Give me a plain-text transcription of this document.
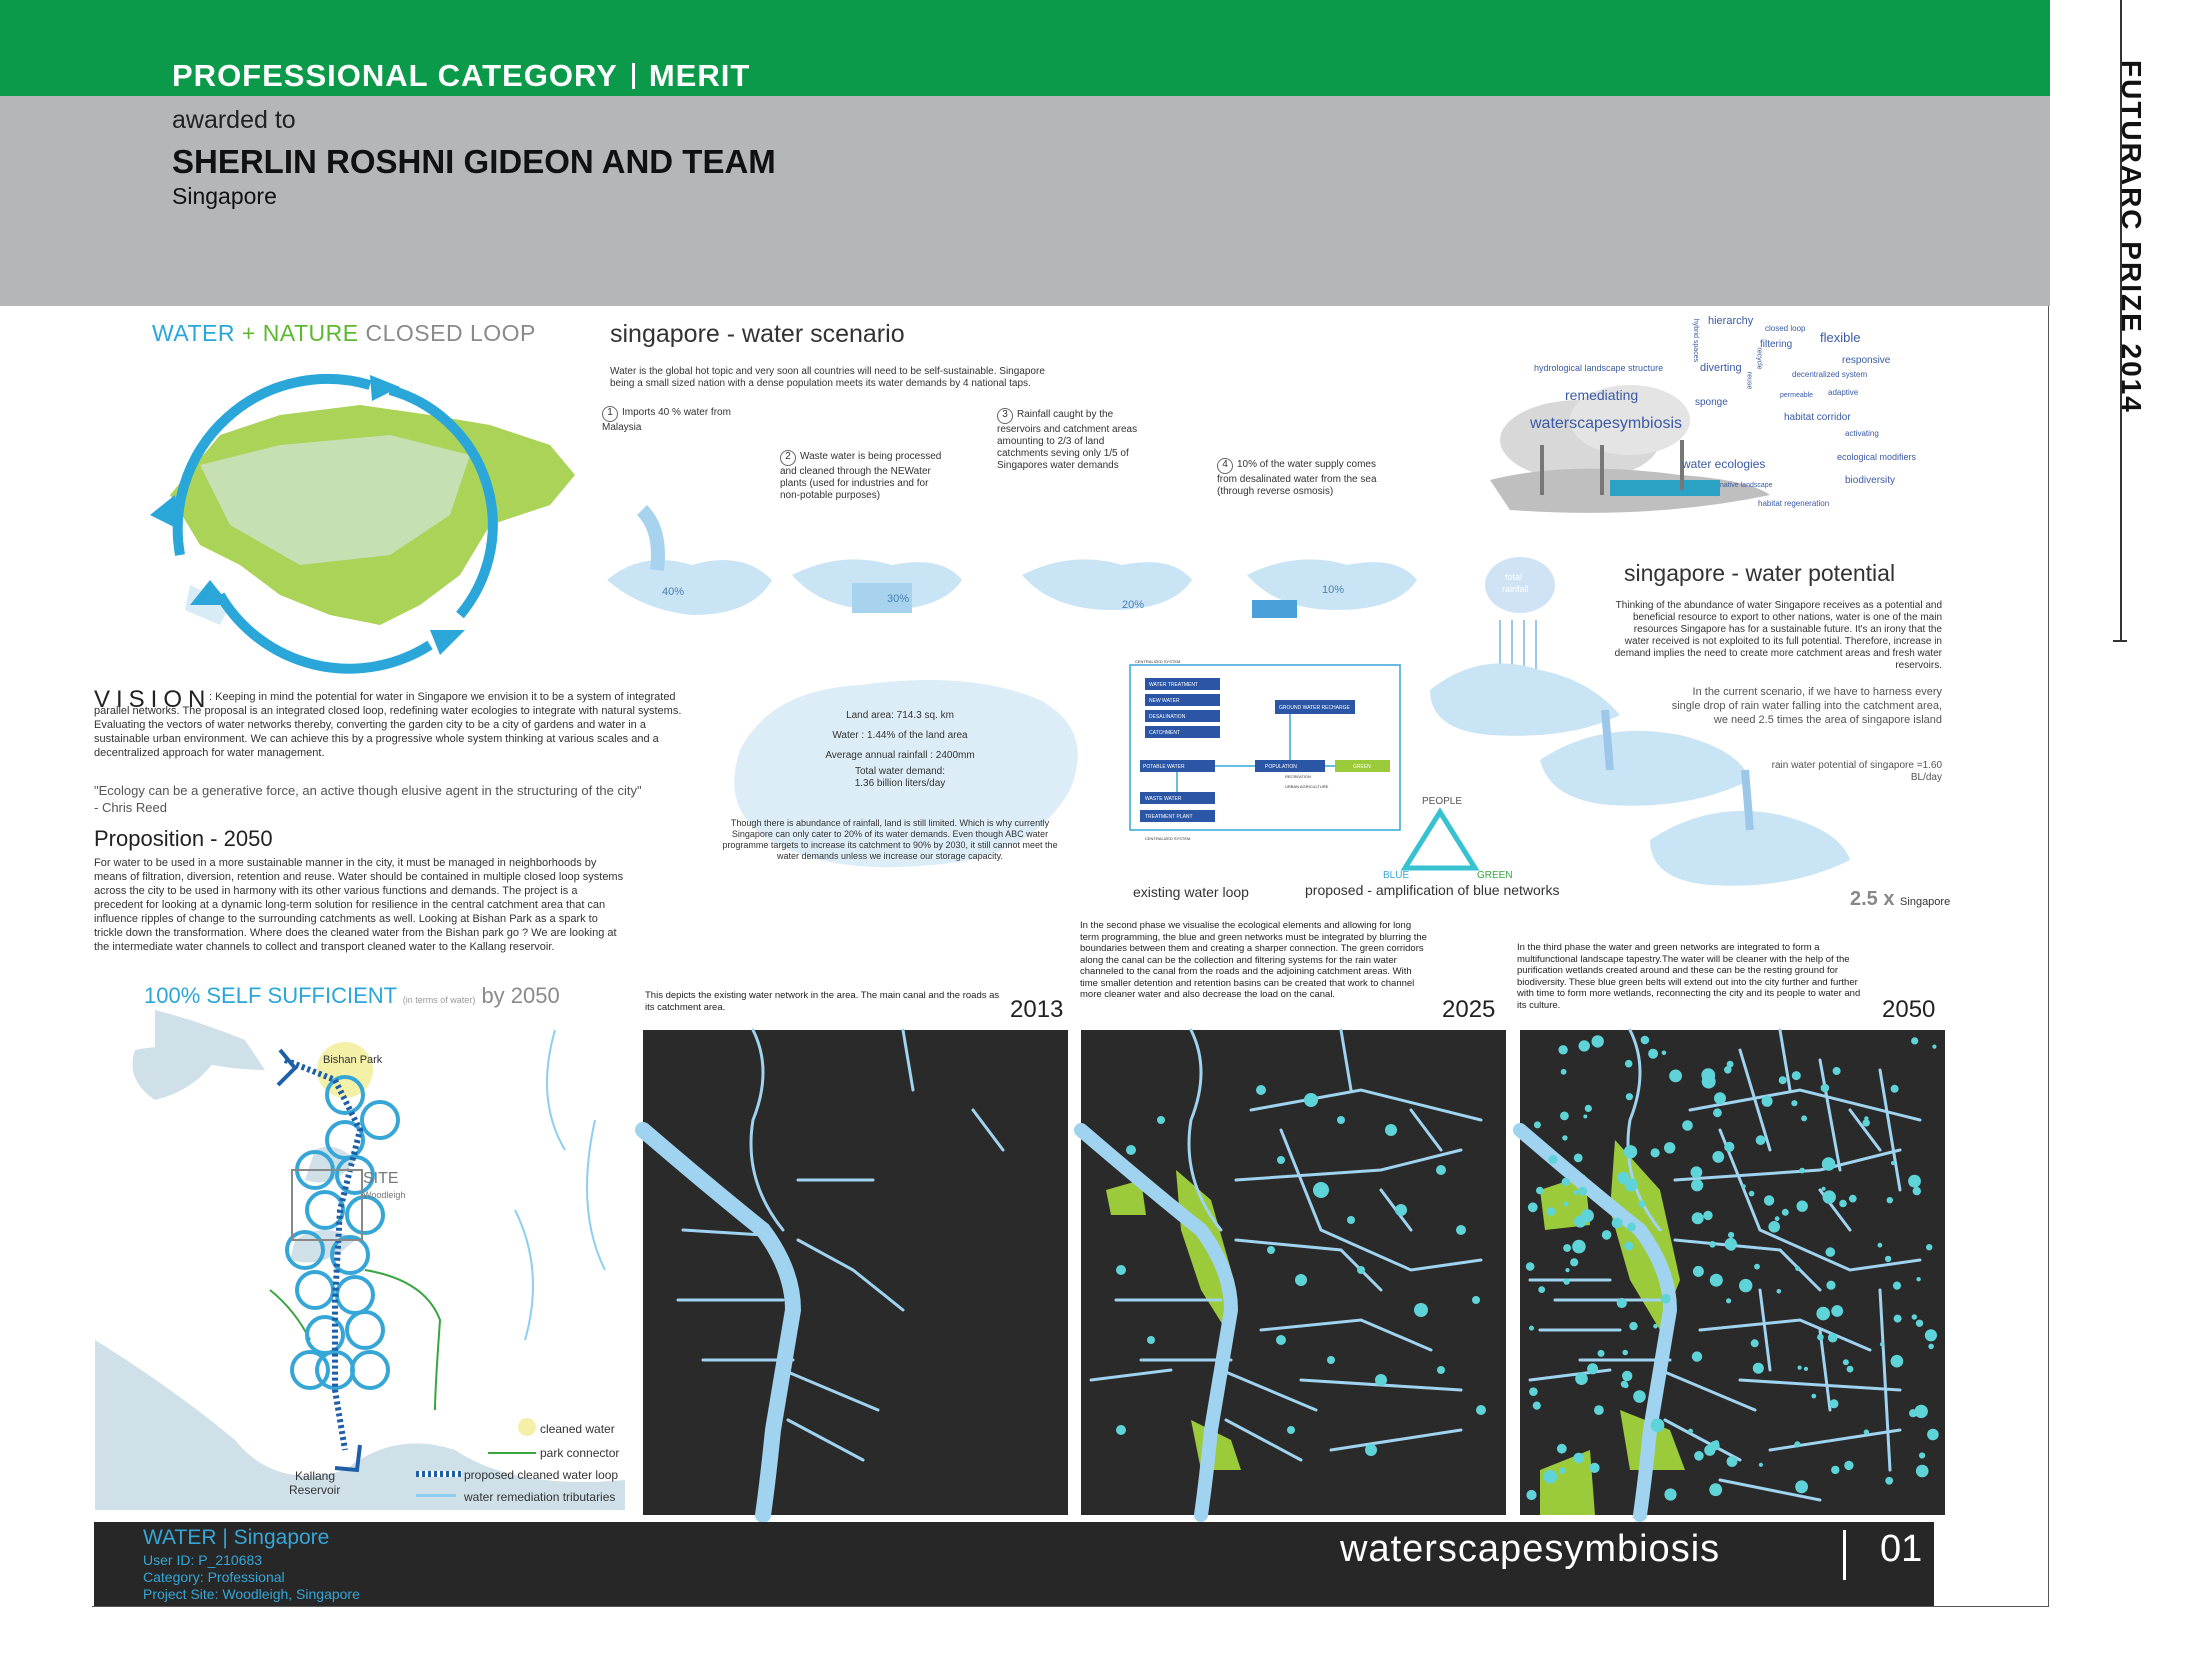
PROFESSIONAL CATEGORY MERIT
awarded to
SHERLIN ROSHNI GIDEON AND TEAM
Singapore	FUTURARC PRIZE 2014
WATER + NATURE CLOSED LOOP	singapore - water scenario
Water is the global hot topic and very soon all countries will need to be self-sustainable. Singapore being a small sized nation with a dense population meets its water demands by 4 national taps.
1 Imports 40 % water from Malaysia
2 Waste water is being processed and cleaned through the NEWater plants (used for industries and for non-potable purposes)
3 Rainfall caught by the reservoirs and catchment areas amounting to 2/3 of land catchments seving only 1/5 of Singapores water demands	4 10% of the water supply comes from desalinated water from the sea (through reverse osmosis)
40%
30%	20%
10%
Land area: 714.3 sq. km
Water : 1.44% of the land area
Average annual rainfall : 2400mm
Total water demand:
1.36 billion liters/day
Though there is abundance of rainfall, land is still limited. Which is why currently Singapore can only cater to 20% of its water demands. Even though ABC water programme targets to increase its catchment to 90% by 2030, it still cannot meet the water demands unless we increase our storage capacity.
VISION
: Keeping in mind the potential for water in Singapore we envision it to be a system of integrated parallel networks. The proposal is an integrated closed loop, redefining water ecologies to integrate with natural systems. Evaluating the vectors of water networks thereby, converting the garden city to be a city of gardens and water in a sustainable urban environment. We can achieve this by a progressive whole system thinking at various scales and a decentralized approach for water management.
"Ecology can be a generative force, an active though elusive agent in the structuring of the city"
- Chris Reed
Proposition - 2050
For water to be used in a more sustainable manner in the city, it must be managed in neighborhoods by means of filtration, diversion, retention and reuse. Water should be contained in multiple closed loop systems across the city to be used in harmony with its other various functions and demands. The project is a precedent for looking at a dynamic long-term solution for resilience in the central catchment area that can influence ripples of change to the surrounding catchments as well. Looking at Bishan Park as a spark to trickle down the transformation. Where does the cleaned water from the Bishan park go ? We are looking at the intermediate water channels to collect and transport cleaned water to the Kallang reservoir.
100% SELF SUFFICIENT (in terms of water) by 2050
Bishan Park
SITE
Woodleigh
Kallang
Reservoir
cleaned water
park connector
proposed cleaned water loop
water remediation tributaries
WATER TREATMENT
NEW WATER
DESALINATION
CATCHMENT
GROUND WATER RECHARGE
POTABLE WATER	POPULATION	GREEN
WASTE WATER
TREATMENT PLANT
CENTRALIZED SYSTEM
RECREATION
URBAN AGRICULTURE
CENTRALIZED SYSTEM
existing water loop
PEOPLE
BLUE	GREEN
proposed - amplification of blue networks
hierarchy
closed loop
flexible
filtering
hydrological landscape structure	diverting
responsive
decentralized system
remediating	sponge
adaptive
permeable
habitat corridor
waterscapesymbiosis
activating
ecological modifiers
water ecologies
biodiversity
native landscape
habitat regeneration
hybrid spaces
reuse
recycle
total
rainfall
singapore - water potential
Thinking of the abundance of water Singapore receives as a potential and beneficial resource to export to other nations, water is one of the main resources Singapore has for a sustainable future. It's an irony that the water received is not exploited to its full potential. Therefore, increase in demand implies the need to create more catchment areas and fresh water reservoirs.
In the current scenario, if we have to harness every single drop of rain water falling into the catchment area, we need 2.5 times the area of singapore island
rain water potential of singapore =1.60 BL/day
2.5 x Singapore
This depicts the existing water network in the area. The main canal and the roads as its catchment area.	2013
In the second phase we visualise the ecological elements and allowing for long term programming, the blue and green networks must be integrated by blurring the boundaries between them and creating a sharper connection. The green corridors along the canal can be the collection and filtering systems for the rain water channeled to the canal from the roads and the adjoining catchment areas. With time smaller detention and retention basins can be created that work to channel more cleaner water and also decrease the load on the canal.
2025
In the third phase the water and green networks are integrated to form a multifunctional landscape tapestry.The water will be cleaner with the help of the purification wetlands created around and these can be the resting ground for biodiversity. These blue green belts will extend out into the city further and further with time to form more wetlands, reconnecting the city and its people to water and its culture.	2050
WATER | Singapore
User ID: P_210683
Category: Professional
Project Site: Woodleigh, Singapore
waterscapesymbiosis	01
